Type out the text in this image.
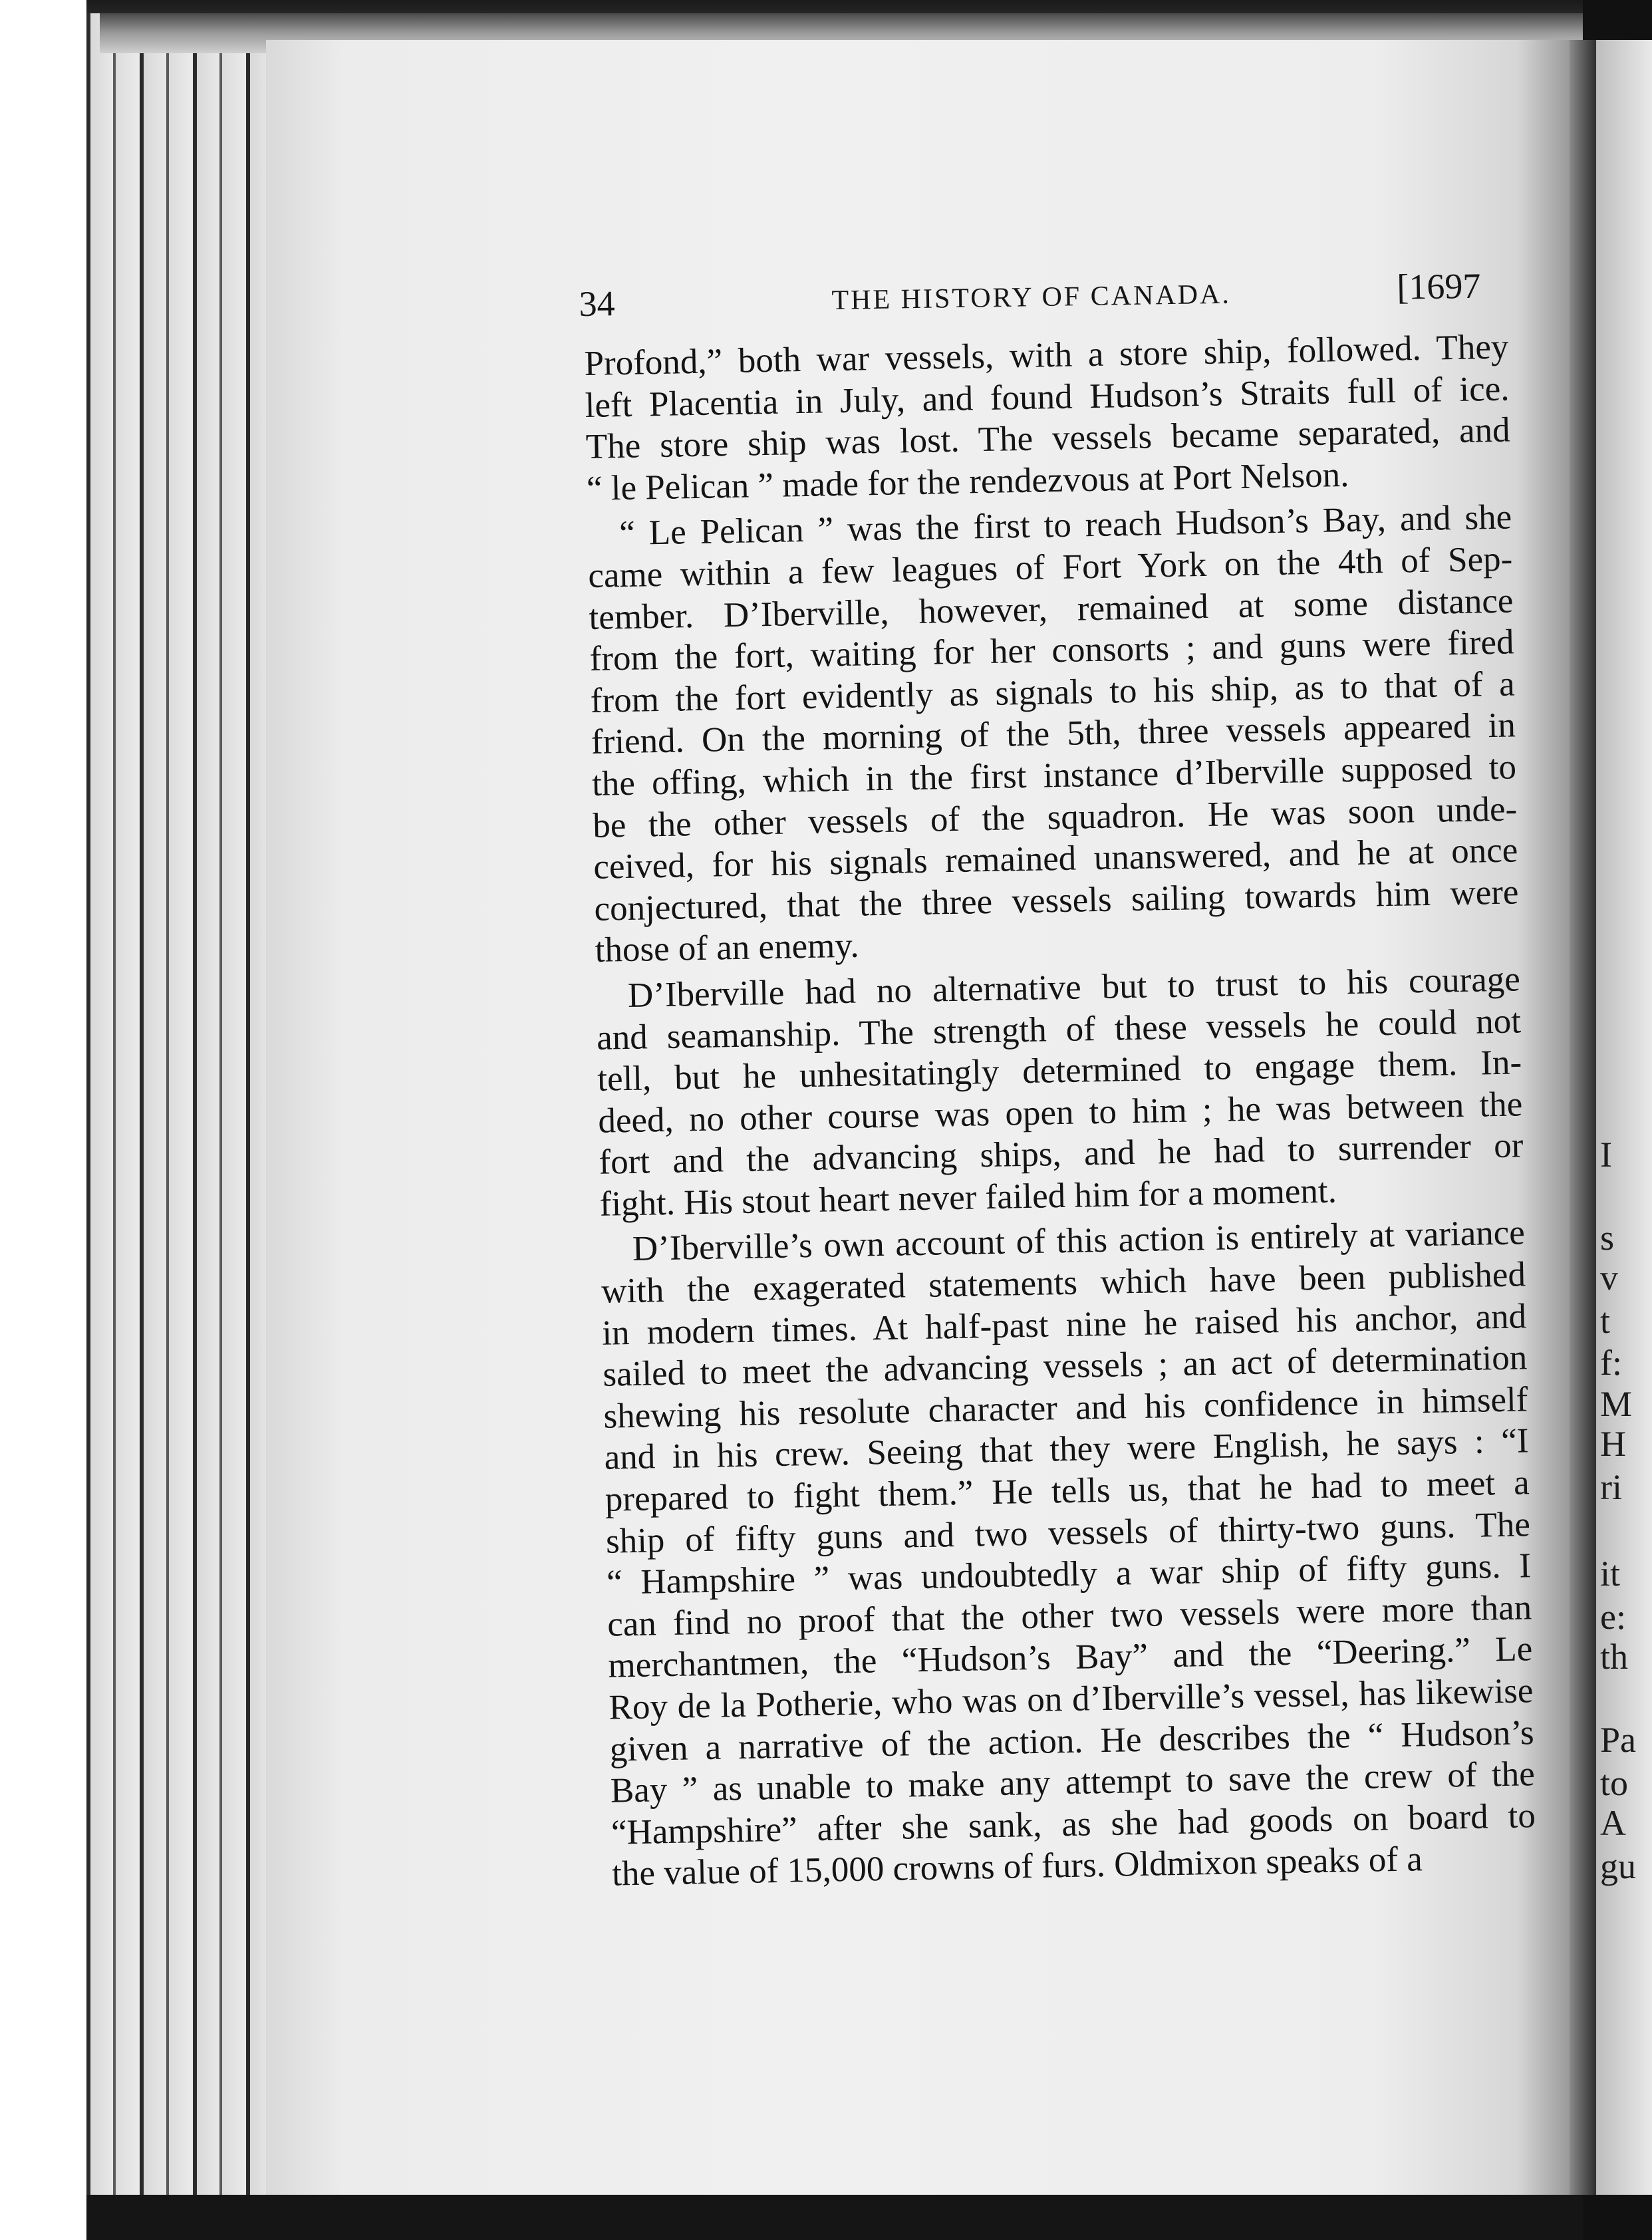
I
s
v
t
f:
M
H
ri
it
e:
th
Pa
to
A
gu
34	THE HISTORY OF CANADA.	[1697
Profond,” both war vessels, with a store ship, followed. They
left Placentia in July, and found Hudson’s Straits full of ice.
The store ship was lost. The vessels became separated, and
“ le Pelican ” made for the rendezvous at Port Nelson.
“ Le Pelican ” was the first to reach Hudson’s Bay, and she
came within a few leagues of Fort York on the 4th of Sep-
tember. D’Iberville, however, remained at some distance
from the fort, waiting for her consorts ; and guns were fired
from the fort evidently as signals to his ship, as to that of a
friend. On the morning of the 5th, three vessels appeared in
the offing, which in the first instance d’Iberville supposed to
be the other vessels of the squadron. He was soon unde-
ceived, for his signals remained unanswered, and he at once
conjectured, that the three vessels sailing towards him were
those of an enemy.
D’Iberville had no alternative but to trust to his courage
and seamanship. The strength of these vessels he could not
tell, but he unhesitatingly determined to engage them. In-
deed, no other course was open to him ; he was between the
fort and the advancing ships, and he had to surrender or
fight. His stout heart never failed him for a moment.
D’Iberville’s own account of this action is entirely at variance
with the exagerated statements which have been published
in modern times. At half-past nine he raised his anchor, and
sailed to meet the advancing vessels ; an act of determination
shewing his resolute character and his confidence in himself
and in his crew. Seeing that they were English, he says : “I
prepared to fight them.” He tells us, that he had to meet a
ship of fifty guns and two vessels of thirty-two guns. The
“ Hampshire ” was undoubtedly a war ship of fifty guns. I
can find no proof that the other two vessels were more than
merchantmen, the “Hudson’s Bay” and the “Deering.” Le
Roy de la Potherie, who was on d’Iberville’s vessel, has likewise
given a narrative of the action. He describes the “ Hudson’s
Bay ” as unable to make any attempt to save the crew of the
“Hampshire” after she sank, as she had goods on board to
the value of 15,000 crowns of furs. Oldmixon speaks of a
